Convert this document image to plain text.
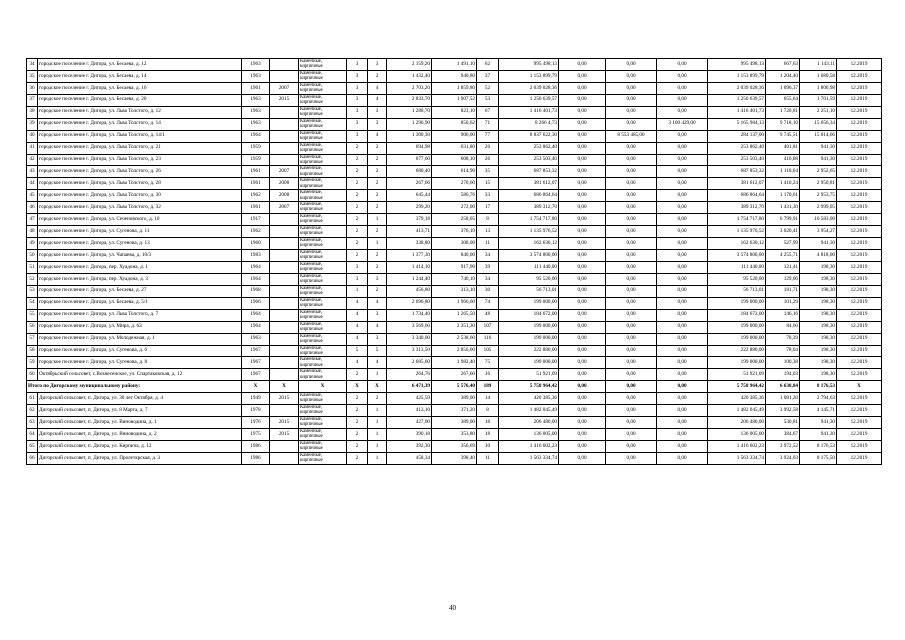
34	городское поселение г. Дигора, ул. Бесаева, д. 12	1963		Каменные, кирпичные	3	3	2 159,20	1 491,10	62	995 498,13	0,00	0,00	0,00	995 498,13	667,63	1 143,11	12.2019
35	городское поселение г. Дигора, ул. Бесаева, д. 14	1963		Каменные, кирпичные	3	2	1 432,40	940,80	37	1 153 899,79	0,00	0,00	0,00	1 153 899,79	1 204,40	1 080,58	12.2019
36	городское поселение г. Дигора, ул. Бесаева, д. 16	1961	2007	Каменные, кирпичные	3	4	2 703,20	1 859,80	52	2 039 028,36	0,00	0,00	0,00	2 039 028,36	1 096,37	1 800,98	12.2019
37	городское поселение г. Дигора, ул. Бесаева, д. 20	1963	2015	Каменные, кирпичные	3	4	2 833,70	1 907,52	53	1 250 639,57	0,00	0,00	0,00	1 250 639,57	655,64	1 701,59	12.2019
38	городское поселение г. Дигора, ул. Льва Толстого, д. 12	1963		Каменные, кирпичные	3	3	1 288,70	823,10	67	1 416 401,73	0,00	0,00	0,00	1 416 401,73	1 720,81	2 251,10	12.2019
39	городское поселение г. Дигора, ул. Льва Толстого, д. 14	1963		Каменные, кирпичные	3	3	1 290,90	850,62	71	8 266 4,73	0,00	0,00	3 100 429,00	5 165 984,13	9 718,10	15 656,34	12.2019
40	городское поселение г. Дигора, ул. Льва Толстого, д. 14/1	1964		Каменные, кирпичные	3	4	1 300,30	906,00	77	8 837 622,30	0,00	8 553 485,00	0,00	284 137,00	9 745,51	15 814,66	12.2019
41	городское поселение г. Дигора, ул. Льва Толстого, д. 21	1959		Каменные, кирпичные	2	2	694,98	631,80	26	253 862,40	0,00	0,00	0,00	253 862,40	401,81	941,30	12.2019
42	городское поселение г. Дигора, ул. Льва Толстого, д. 23	1959		Каменные, кирпичные	2	2	677,60	608,10	26	253 503,40	0,00	0,00	0,00	253 503,40	416,88	941,30	12.2019
43	городское поселение г. Дигора, ул. Льва Толстого, д. 26	1961	2007	Каменные, кирпичные	2	2	680,40	614,90	35	687 853,32	0,00	0,00	0,00	687 853,32	1 118,64	2 952,65	12.2019
44	городское поселение г. Дигора, ул. Льва Толстого, д. 28	1961	2008	Каменные, кирпичные	2	2	267,66	270,60	15	381 612,07	0,00	0,00	0,00	381 612,07	1 410,24	2 950,81	12.2019
45	городское поселение г. Дигора, ул. Льва Толстого, д. 30	1962	2008	Каменные, кирпичные	2	2	645,44	586,76	33	686 864,64	0,00	0,00	0,00	686 864,64	1 170,61	2 953,75	12.2019
46	городское поселение г. Дигора, ул. Льва Толстого, д. 32	1961	2007	Каменные, кирпичные	2	2	299,20	272,00	17	389 312,70	0,00	0,00	0,00	389 312,70	1 431,30	2 999,05	12.2019
47	городское поселение г. Дигора, ул. Сеченовского, д. 10	1917		Каменные, кирпичные	2	1	379,18	258,05	8	1 754 717,80	0,00	0,00	0,00	1 754 717,80	6 799,91	10 583,00	12.2019
48	городское поселение г. Дигора, ул. Сугенова, д. 11	1962		Каменные, кирпичные	2	2	413,71	376,10	13	1 135 976,52	0,00	0,00	0,00	1 135 976,52	3 020,41	3 954,27	12.2019
49	городское поселение г. Дигора, ул. Сугенова, д. 13	1960		Каменные, кирпичные	2	1	338,80	308,00	11	162 630,12	0,00	0,00	0,00	162 630,12	527,99	941,30	12.2019
50	городское поселение г. Дигора, ул. Чапаева, д. 10/3	1983		Каменные, кирпичные	2	2	1 377,30	840,00	34	3 574 800,00	0,00	0,00	0,00	3 574 800,00	4 255,71	4 818,00	12.2019
51	городское поселение г. Дигора, пер. Хуадона, д. 1	1964		Каменные, кирпичные	3	2	1 414,10	917,90	39	111 440,00	0,00	0,00	0,00	111 440,00	121,41	198,30	12.2019
52	городское поселение г. Дигора, пер. Хуадона, д. 3	1964		Каменные, кирпичные	3	3	1 244,40	740,10	34	95 520,00	0,00	0,00	0,00	95 520,00	129,06	198,30	12.2019
53	городское поселение г. Дигора, ул. Бесаева, д. 27	1968		Каменные, кирпичные	1	2	456,80	313,10	30	56 713,01	0,00	0,00	0,00	56 713,01	181,71	198,30	12.2019
54	городское поселение г. Дигора, ул. Бесаева, д. 5/1	1966		Каменные, кирпичные	4	4	2 696,80	1 966,60	74	199 000,00	0,00	0,00	0,00	199 000,00	101,29	198,30	12.2019
55	городское поселение г. Дигора, ул. Льва Толстого, д. 7	1964		Каменные, кирпичные	4	3	1 734,40	1 265,50	48	184 672,00	0,00	0,00	0,00	184 672,00	146,16	198,30	12.2019
56	городское поселение г. Дигора, ул. Мира, д. 63	1964		Каменные, кирпичные	4	4	3 569,60	2 351,30	107	199 000,00	0,00	0,00	0,00	199 000,00	84,60	198,30	12.2019
57	городское поселение г. Дигора, ул. Молодежная, д. 1	1963		Каменные, кирпичные	4	3	3 340,00	2 538,60	116	199 000,00	0,00	0,00	0,00	199 000,00	78,39	198,30	12.2019
58	городское поселение г. Дигора, ул. Сугенова, д. 6	1967		Каменные, кирпичные	5	5	3 313,50	2 856,00	105	222 880,00	0,00	0,00	0,00	222 880,00	78,04	198,30	12.2019
59	городское поселение г. Дигора, ул. Сугенова, д. 8	1967		Каменные, кирпичные	4	4	2 685,60	1 982,40	75	199 000,00	0,00	0,00	0,00	199 000,00	100,38	198,30	12.2019
60	Октябрьский сельсовет, с.Вознесенское, ул. Спартаковская, д. 12	1967		Каменные, кирпичные	2	1	264,76	267,60	16	51 921,09	0,00	0,00	0,00	51 921,09	194,03	198,30	12.2019
Итого по Дигорскому муниципальному району:		X	X	X	X	X	6 471,39	5 576,40	189	5 758 964,42	0,00	0,00	0,00	5 758 964,42	6 638,84	8 176,53	X
61	Дигорский сельсовет, п. Дигора, ул. 30 лет Октября, д. 4	1949	2015	Каменные, кирпичные	2	2	425,59	389,00	14	420 385,36	0,00	0,00	0,00	420 385,36	1 081,20	2 794,63	12.2019
62	Дигорский сельсовет, п. Дигора, ул. 8 Марта, д. 7	1978		Каменные, кирпичные	2	1	413,10	371,20	8	1 482 045,49	0,00	0,00	0,00	1 482 045,49	3 992,58	4 145,71	12.2019
63	Дигорский сельсовет, п. Дигора, ул. Виноводина, д. 1	1976	2015	Каменные, кирпичные	2	1	427,00	389,00	18	206 480,00	0,00	0,00	0,00	206 480,00	530,81	941,30	12.2019
64	Дигорский сельсовет, п. Дигора, ул. Виноводина, д. 2	1975	2015	Каменные, кирпичные	2	1	390,18	353,80	18	136 005,00	0,00	0,00	0,00	136 005,00	384,67	941,30	12.2019
65	Дигорский сельсовет, п. Дигора, ул. Кирпича, д. 12	1986		Каменные, кирпичные	2	1	392,30	356,69	10	1 416 602,23	0,00	0,00	0,00	1 416 602,23	3 972,52	8 176,53	12.2019
66	Дигорский сельсовет, п. Дигора, ул. Пролетарская, д. 3	1986		Каменные, кирпичные	2	1	458,34	398,40	11	1 563 334,74	0,00	0,00	0,00	1 563 334,74	3 924,03	8 175,50	12.2019
40
